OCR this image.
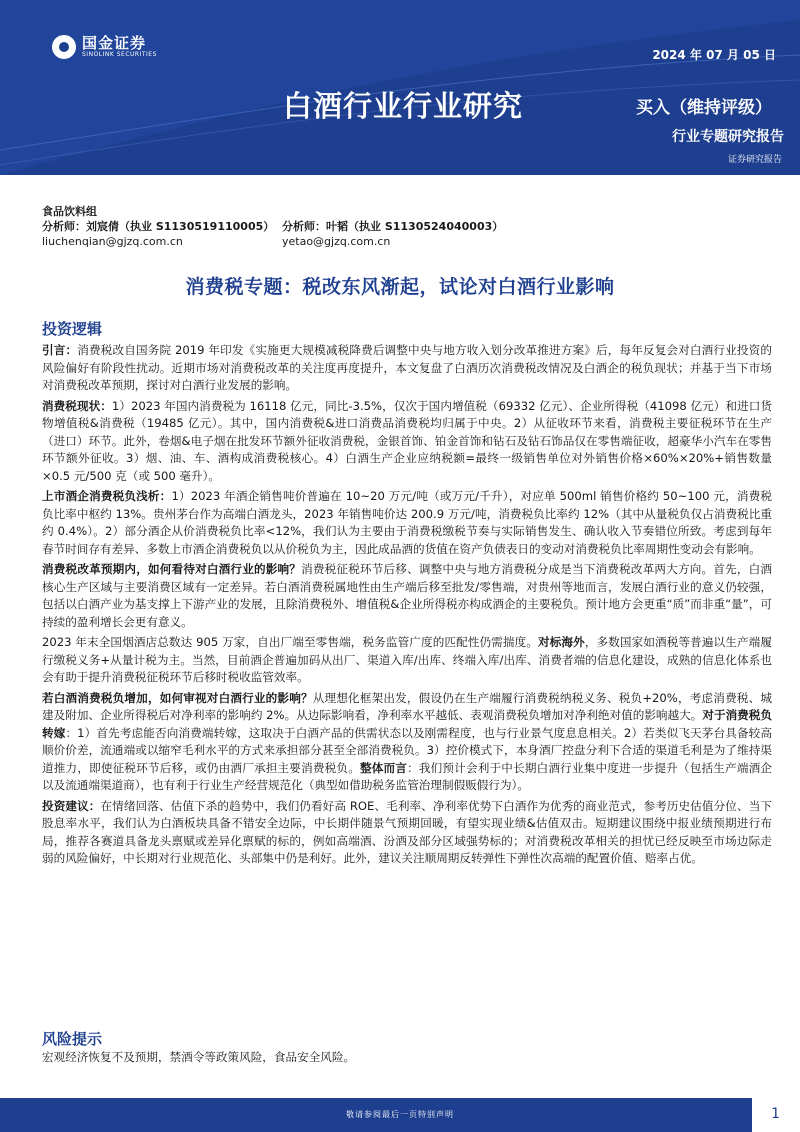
国金证券
SINOLINK SECURITIES	2024 年 07 月 05 日
白酒行业行业研究	买入（维持评级）
行业专题研究报告
证券研究报告
食品饮料组
分析师：刘宸倩（执业 S1130519110005） 分析师：叶韬（执业 S1130524040003）
liuchenqian@gjzq.com.cn	yetao@gjzq.com.cn
消费税专题：税改东风渐起，试论对白酒行业影响
投资逻辑

引言：消费税改自国务院 2019 年印发《实施更大规模减税降费后调整中央与地方收入划分改革推进方案》后，每年反复会对白酒行业投资的风险偏好有阶段性扰动。近期市场对消费税改革的关注度再度提升，本文复盘了白酒历次消费税改情况及白酒企的税负现状；并基于当下市场对消费税改革预期，探讨对白酒行业发展的影响。

消费税现状：1）2023 年国内消费税为 16118 亿元，同比-3.5%，仅次于国内增值税（69332 亿元）、企业所得税（41098 亿元）和进口货物增值税&消费税（19485 亿元）。其中，国内消费税&进口消费品消费税均归属于中央。2）从征收环节来看，消费税主要征税环节在生产（进口）环节。此外，卷烟&电子烟在批发环节额外征收消费税，金银首饰、铂金首饰和钻石及钻石饰品仅在零售端征收，超豪华小汽车在零售环节额外征收。3）烟、油、车、酒构成消费税核心。4）白酒生产企业应纳税额=最终一级销售单位对外销售价格×60%×20%+销售数量×0.5 元/500 克（或 500 毫升）。

上市酒企消费税负浅析：1）2023 年酒企销售吨价普遍在 10~20 万元/吨（或万元/千升），对应单 500ml 销售价格约 50~100 元，消费税负比率中枢约 13%。贵州茅台作为高端白酒龙头，2023 年销售吨价达 200.9 万元/吨，消费税负比率约 12%（其中从量税负仅占消费税比重约 0.4%）。2）部分酒企从价消费税负比率<12%，我们认为主要由于消费税缴税节奏与实际销售发生、确认收入节奏错位所致。考虑到每年春节时间存有差异、多数上市酒企消费税负以从价税负为主，因此成品酒的货值在资产负债表日的变动对消费税负比率周期性变动会有影响。

消费税改革预期内，如何看待对白酒行业的影响？消费税征税环节后移、调整中央与地方消费税分成是当下消费税改革两大方向。首先，白酒核心生产区域与主要消费区域有一定差异。若白酒消费税属地性由生产端后移至批发/零售端，对贵州等地而言，发展白酒行业的意义仍较强，包括以白酒产业为基支撑上下游产业的发展，且除消费税外、增值税&企业所得税亦构成酒企的主要税负。预计地方会更重“质”而非重“量”，可持续的盈利增长会更有意义。

2023 年末全国烟酒店总数达 905 万家，自出厂端至零售端，税务监管广度的匹配性仍需揣度。对标海外，多数国家如酒税等普遍以生产端履行缴税义务+从量计税为主。当然，目前酒企普遍加码从出厂、渠道入库/出库、终端入库/出库、消费者端的信息化建设，成熟的信息化体系也会有助于提升消费税征税环节后移时税收监管效率。

若白酒消费税负增加，如何审视对白酒行业的影响？从理想化框架出发，假设仍在生产端履行消费税纳税义务、税负+20%，考虑消费税、城建及附加、企业所得税后对净利率的影响约 2%。从边际影响看，净利率水平越低、表观消费税负增加对净利绝对值的影响越大。对于消费税负转嫁：1）首先考虑能否向消费端转嫁，这取决于白酒产品的供需状态以及刚需程度，也与行业景气度息息相关。2）若类似飞天茅台具备较高顺价价差，流通端或以缩窄毛利水平的方式来承担部分甚至全部消费税负。3）控价模式下，本身酒厂控盘分利下合适的渠道毛利是为了维持渠道推力，即使征税环节后移，或仍由酒厂承担主要消费税负。整体而言：我们预计会利于中长期白酒行业集中度进一步提升（包括生产端酒企以及流通端渠道商），也有利于行业生产经营规范化（典型如借助税务监管治理制假贩假行为）。

投资建议：在情绪回落、估值下杀的趋势中，我们仍看好高 ROE、毛利率、净利率优势下白酒作为优秀的商业范式，参考历史估值分位、当下股息率水平，我们认为白酒板块具备不错安全边际，中长期伴随景气预期回暖，有望实现业绩&估值双击。短期建议围绕中报业绩预期进行布局，推荐各赛道具备龙头禀赋或差异化禀赋的标的，例如高端酒、汾酒及部分区域强势标的；对消费税改革相关的担忧已经反映至市场边际走弱的风险偏好，中长期对行业规范化、头部集中仍是利好。此外，建议关注顺周期反转弹性下弹性次高端的配置价值、赔率占优。

风险提示
宏观经济恢复不及预期，禁酒令等政策风险，食品安全风险。
敬请参阅最后一页特别声明	1
